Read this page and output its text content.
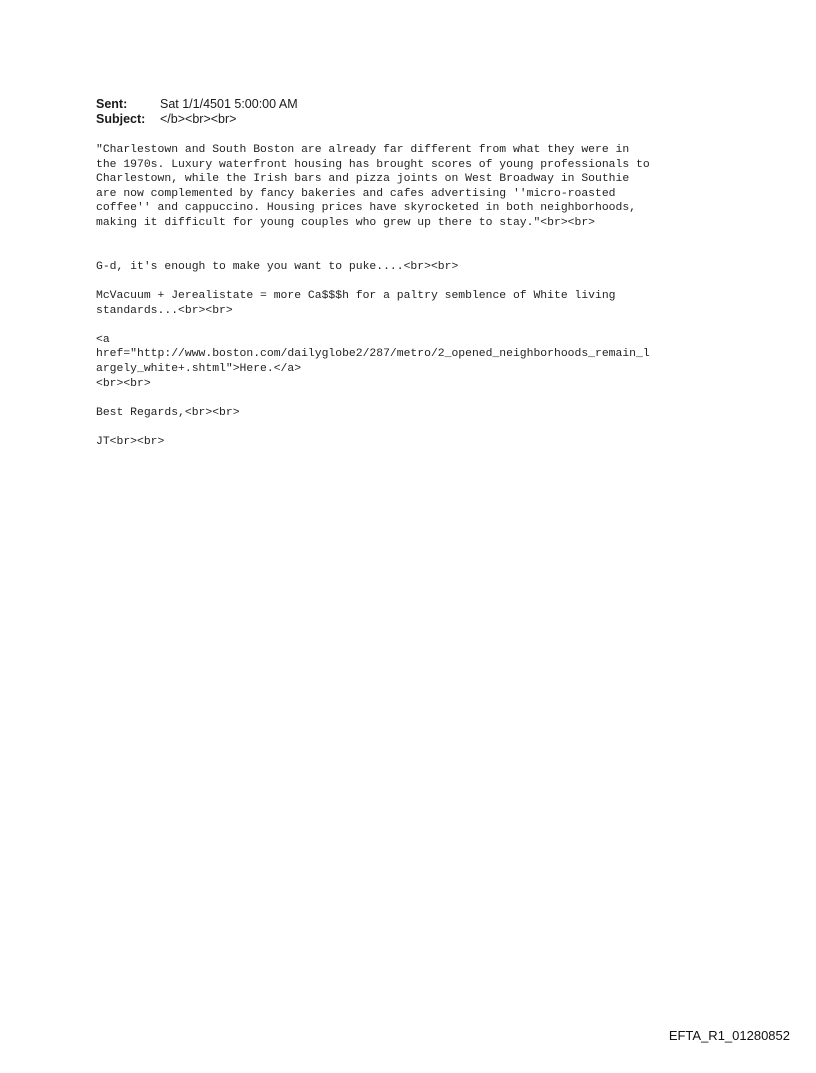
Sent:	Sat 1/1/4501 5:00:00 AM
Subject:	</b><br><br>
"Charlestown and South Boston are already far different from what they were in
the 1970s. Luxury waterfront housing has brought scores of young professionals to
Charlestown, while the Irish bars and pizza joints on West Broadway in Southie
are now complemented by fancy bakeries and cafes advertising ''micro-roasted
coffee'' and cappuccino. Housing prices have skyrocketed in both neighborhoods,
making it difficult for young couples who grew up there to stay."<br><br>
G-d, it's enough to make you want to puke....<br><br>
McVacuum + Jerealistate = more Ca$$$h for a paltry semblence of White living
standards...<br><br>
<a
href="http://www.boston.com/dailyglobe2/287/metro/2_opened_neighborhoods_remain_l
argely_white+.shtml">Here.</a>
<br><br>
Best Regards,<br><br>
JT<br><br>
EFTA_R1_01280852
